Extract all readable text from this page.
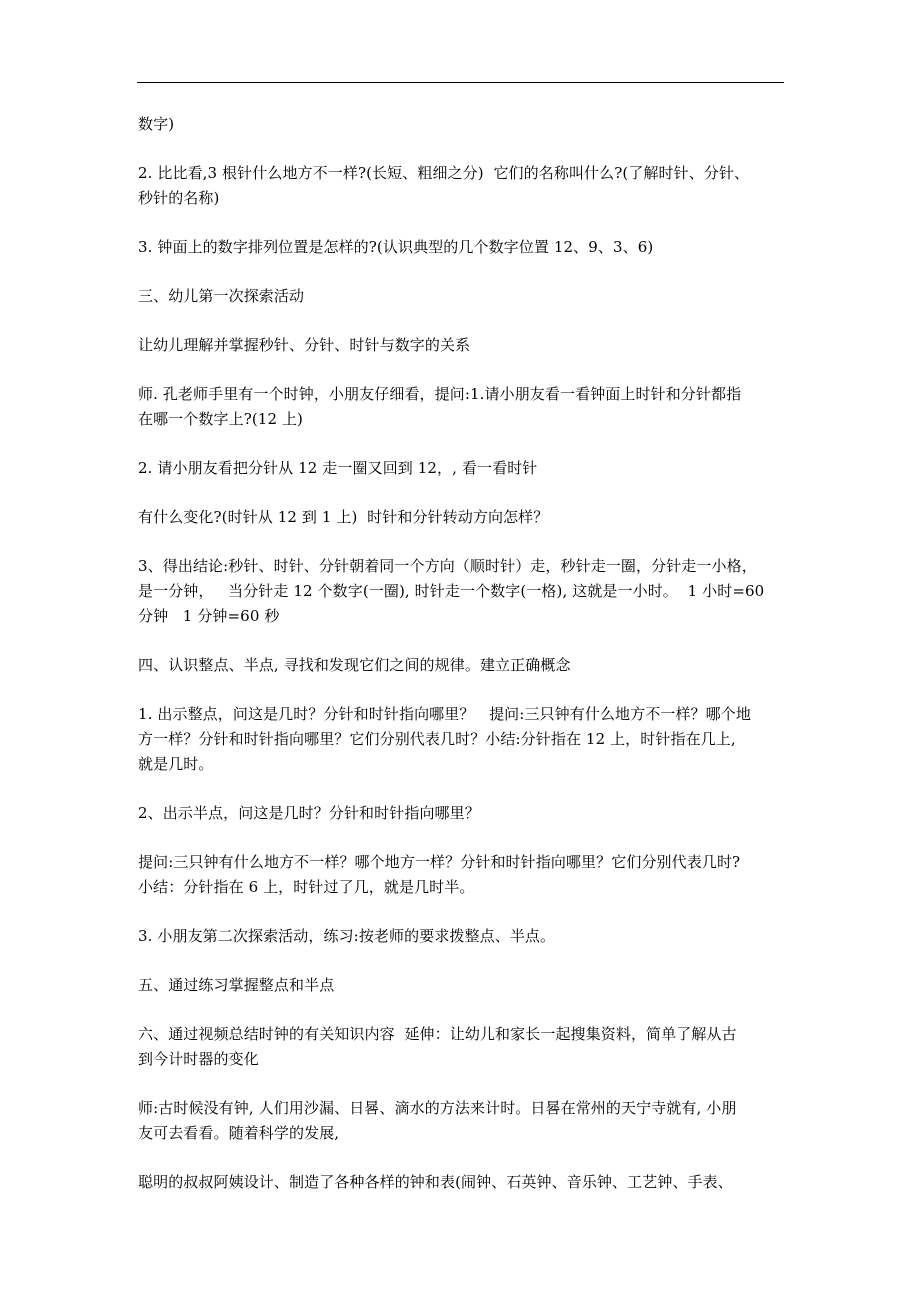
数字)
2. 比比看,3 根针什么地方不一样?(长短、粗细之分)  它们的名称叫什么?(了解时针、分针、
秒针的名称)
3. 钟面上的数字排列位置是怎样的?(认识典型的几个数字位置 12、9、3、6)
三、幼儿第一次探索活动
让幼儿理解并掌握秒针、分针、时针与数字的关系
师. 孔老师手里有一个时钟，小朋友仔细看，提问:1.请小朋友看一看钟面上时针和分针都指
在哪一个数字上?(12 上)
2. 请小朋友看把分针从 12 走一圈又回到 12，, 看一看时针
有什么变化?(时针从 12 到 1 上)  时针和分针转动方向怎样？
3、得出结论:秒针、时针、分针朝着同一个方向（顺时针）走，秒针走一圈，分针走一小格，
是一分钟，   当分针走 12 个数字(一圈), 时针走一个数字(一格), 这就是一小时。  1 小时=60
分钟   1 分钟=60 秒
四、认识整点、半点, 寻找和发现它们之间的规律。建立正确概念
1. 出示整点，问这是几时？分针和时针指向哪里？   提问:三只钟有什么地方不一样？哪个地
方一样？分针和时针指向哪里？它们分别代表几时？小结:分针指在 12 上，时针指在几上,
就是几时。
2、出示半点，问这是几时？分针和时针指向哪里？
提问:三只钟有什么地方不一样？哪个地方一样？分针和时针指向哪里？它们分别代表几时?
小结：分针指在 6 上，时针过了几，就是几时半。
3. 小朋友第二次探索活动，练习:按老师的要求拨整点、半点。
五、通过练习掌握整点和半点
六、通过视频总结时钟的有关知识内容  延伸：让幼儿和家长一起搜集资料，简单了解从古
到今计时器的变化
师:古时候没有钟, 人们用沙漏、日晷、滴水的方法来计时。日晷在常州的天宁寺就有, 小朋
友可去看看。随着科学的发展,
聪明的叔叔阿姨设计、制造了各种各样的钟和表(闹钟、石英钟、音乐钟、工艺钟、手表、
